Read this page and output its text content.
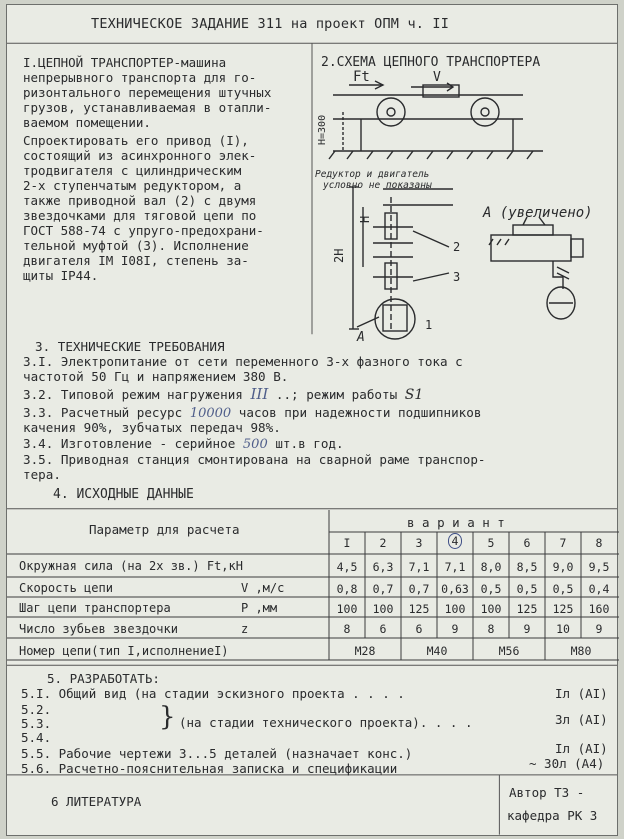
ТЕХНИЧЕСКОЕ ЗАДАНИЕ 311 на проект ОПМ ч. II
I.ЦЕПНОЙ ТРАНСПОРТЕР-машина
непрерывного транспорта для го-
ризонтального перемещения штучных
грузов, устанавливаемая в отапли-
ваемом помещении.
Спроектировать его привод (I),
состоящий из асинхронного элек-
тродвигателя с цилиндрическим
2-х ступенчатым редуктором, а
также приводной вал (2) с двумя
звездочками для тяговой цепи по
ГОСТ 588-74 с упруго-предохрани-
тельной муфтой (3). Исполнение
двигателя IM I08I, степень за-
щиты IP44.
2.СХЕМА ЦЕПНОГО ТРАНСПОРТЕРА
Ft	V
H=300
Редуктор и двигатель
условно не показаны
2H
H
2
3
1
A
A (увеличено)
3. ТЕХНИЧЕСКИЕ ТРЕБОВАНИЯ
3.I. Электропитание от сети переменного 3-х фазного тока с
частотой 50 Гц и напряжением 380 В.
3.2. Типовой режим нагружения III ..; режим работы S1
3.3. Расчетный ресурс 10000 часов при надежности подшипников
качения 90%, зубчатых передач 98%.
3.4. Изготовление - серийное 500 шт.в год.
3.5. Приводная станция смонтирована на сварной раме транспор-
тера.
4. ИСХОДНЫЕ ДАННЫЕ
Параметр для расчета	в а р и а н т
I	2	3	4	5	6	7	8
Окружная сила (на 2х зв.) Ft,кН	4,5	6,3	7,1	7,1	8,0	8,5	9,0	9,5
Скорость цепи	V ,м/с	0,8	0,7	0,7	0,63	0,5	0,5	0,5	0,4
Шаг цепи транспортера	P ,мм	100	100	125	100	100	125	125	160
Число зубьев звездочки	z	8	6	6	9	8	9	10	9
Номер цепи(тип I,исполнениеI)	M28	M40	M56	M80
5. РАЗРАБОТАТЬ:
5.I. Общий вид (на стадии эскизного проекта . . . .	Iл (AI)
5.2.
5.3.	} (на стадии технического проекта). . . .	3л (AI)
5.4.
5.5. Рабочие чертежи 3...5 деталей (назначает конс.)	Iл (AI)
5.6. Расчетно-пояснительная записка и спецификации	~ 30л (A4)
6 ЛИТЕРАТУРА
Автор ТЗ -
кафедра РК 3
